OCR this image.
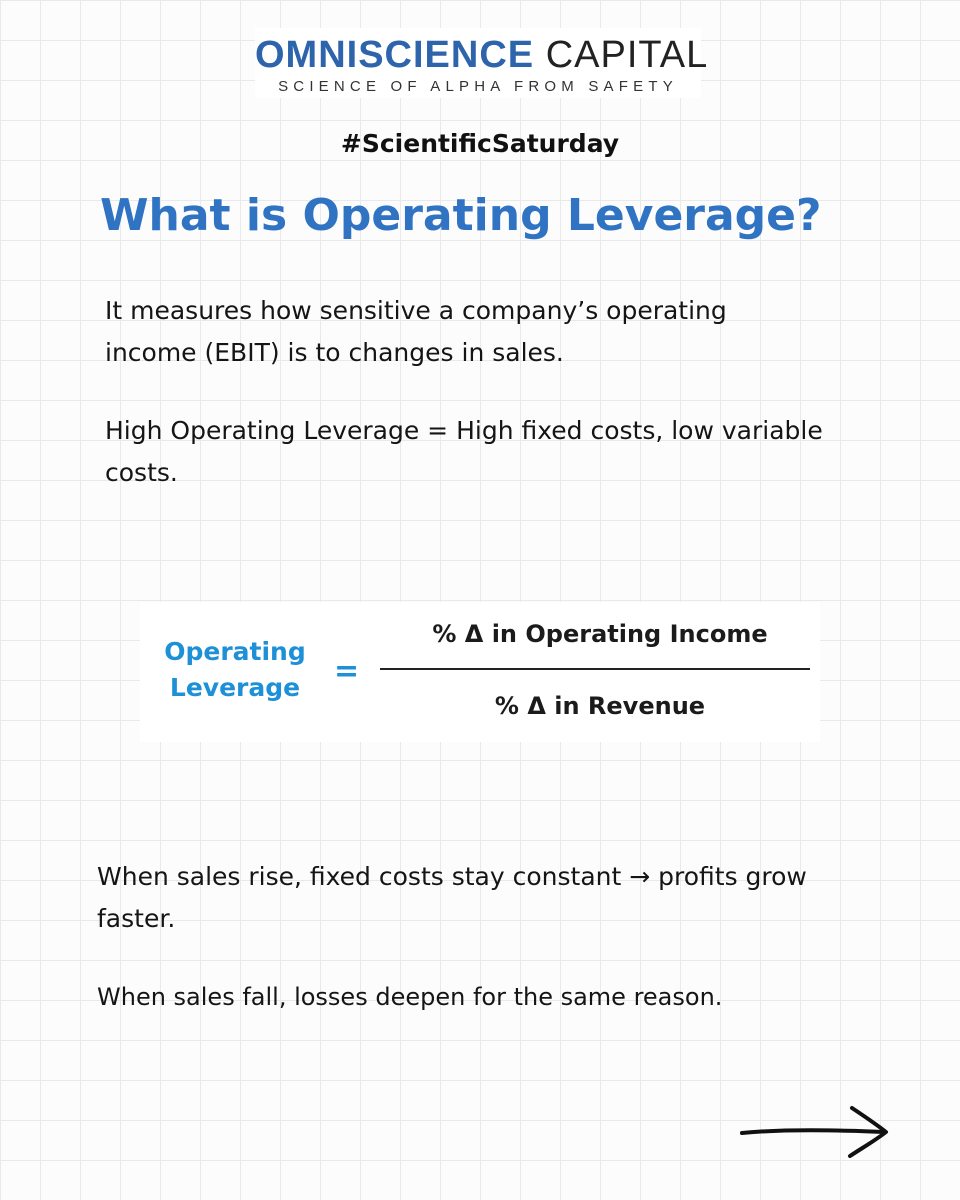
OMNISCIENCE CAPITAL
SCIENCE OF ALPHA FROM SAFETY
#ScientificSaturday
What is Operating Leverage?
It measures how sensitive a company’s operating income (EBIT) is to changes in sales.
High Operating Leverage = High fixed costs, low variable costs.
Operating Leverage	=
% Δ in Operating Income
% Δ in Revenue
When sales rise, fixed costs stay constant → profits grow faster.
When sales fall, losses deepen for the same reason.
